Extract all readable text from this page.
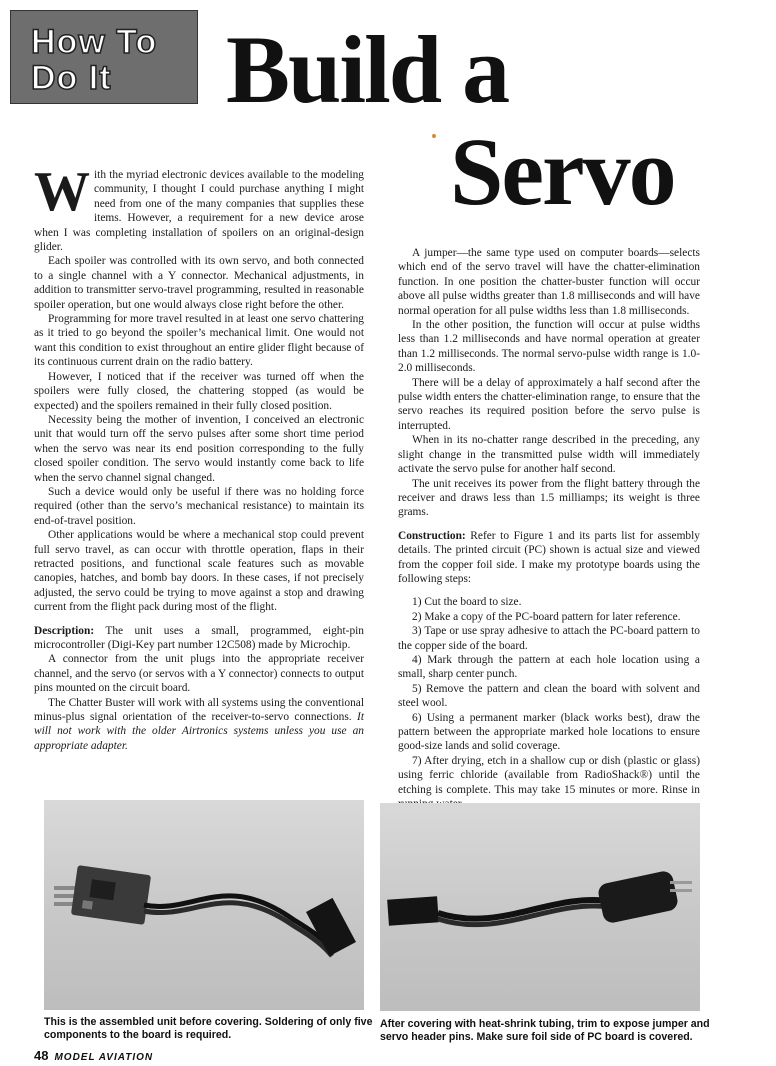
How To
Do It Build a
Servo

With the myriad electronic devices available to the modeling community, I thought I could purchase anything I might need from one of the many companies that supplies these items. However, a requirement for a new device arose when I was completing installation of spoilers on an original-design glider.

Each spoiler was controlled with its own servo, and both connected to a single channel with a Y connector. Mechanical adjustments, in addition to transmitter servo-travel programming, resulted in reasonable spoiler operation, but one would always close right before the other.

Programming for more travel resulted in at least one servo chattering as it tried to go beyond the spoiler’s mechanical limit. One would not want this condition to exist throughout an entire glider flight because of its continuous current drain on the radio battery.

However, I noticed that if the receiver was turned off when the spoilers were fully closed, the chattering stopped (as would be expected) and the spoilers remained in their fully closed position.

Necessity being the mother of invention, I conceived an electronic unit that would turn off the servo pulses after some short time period when the servo was near its end position corresponding to the fully closed spoiler condition. The servo would instantly come back to life when the servo channel signal changed.

Such a device would only be useful if there was no holding force required (other than the servo’s mechanical resistance) to maintain its end-of-travel position.

Other applications would be where a mechanical stop could prevent full servo travel, as can occur with throttle operation, flaps in their retracted positions, and functional scale features such as movable canopies, hatches, and bomb bay doors. In these cases, if not precisely adjusted, the servo could be trying to move against a stop and drawing current from the flight pack during most of the flight.

Description: The unit uses a small, programmed, eight-pin microcontroller (Digi-Key part number 12C508) made by Microchip.

A connector from the unit plugs into the appropriate receiver channel, and the servo (or servos with a Y connector) connects to output pins mounted on the circuit board.

The Chatter Buster will work with all systems using the conventional minus-plus signal orientation of the receiver-to-servo connections. It will not work with the older Airtronics systems unless you use an appropriate adapter.

A jumper—the same type used on computer boards—selects which end of the servo travel will have the chatter-elimination function. In one position the chatter-buster function will occur above all pulse widths greater than 1.8 milliseconds and will have normal operation for all pulse widths less than 1.8 milliseconds.

In the other position, the function will occur at pulse widths less than 1.2 milliseconds and have normal operation at greater than 1.2 milliseconds. The normal servo-pulse width range is 1.0-2.0 milliseconds.

There will be a delay of approximately a half second after the pulse width enters the chatter-elimination range, to ensure that the servo reaches its required position before the servo pulse is interrupted.

When in its no-chatter range described in the preceding, any slight change in the transmitted pulse width will immediately activate the servo pulse for another half second.

The unit receives its power from the flight battery through the receiver and draws less than 1.5 milliamps; its weight is three grams.

Construction: Refer to Figure 1 and its parts list for assembly details. The printed circuit (PC) shown is actual size and viewed from the copper foil side. I make my prototype boards using the following steps:

1) Cut the board to size.

2) Make a copy of the PC-board pattern for later reference.

3) Tape or use spray adhesive to attach the PC-board pattern to the copper side of the board.

4) Mark through the pattern at each hole location using a small, sharp center punch.

5) Remove the pattern and clean the board with solvent and steel wool.

6) Using a permanent marker (black works best), draw the pattern between the appropriate marked hole locations to ensure good-size lands and solid coverage.

7) After drying, etch in a shallow cup or dish (plastic or glass) using ferric chloride (available from RadioShack®) until the etching is complete. This may take 15 minutes or more. Rinse in

This is the assembled unit before covering. Soldering of only five components to the board is required.
After covering with heat-shrink tubing, trim to expose jumper and servo header pins. Make sure foil side of PC board is covered.
48 MODEL AVIATION
